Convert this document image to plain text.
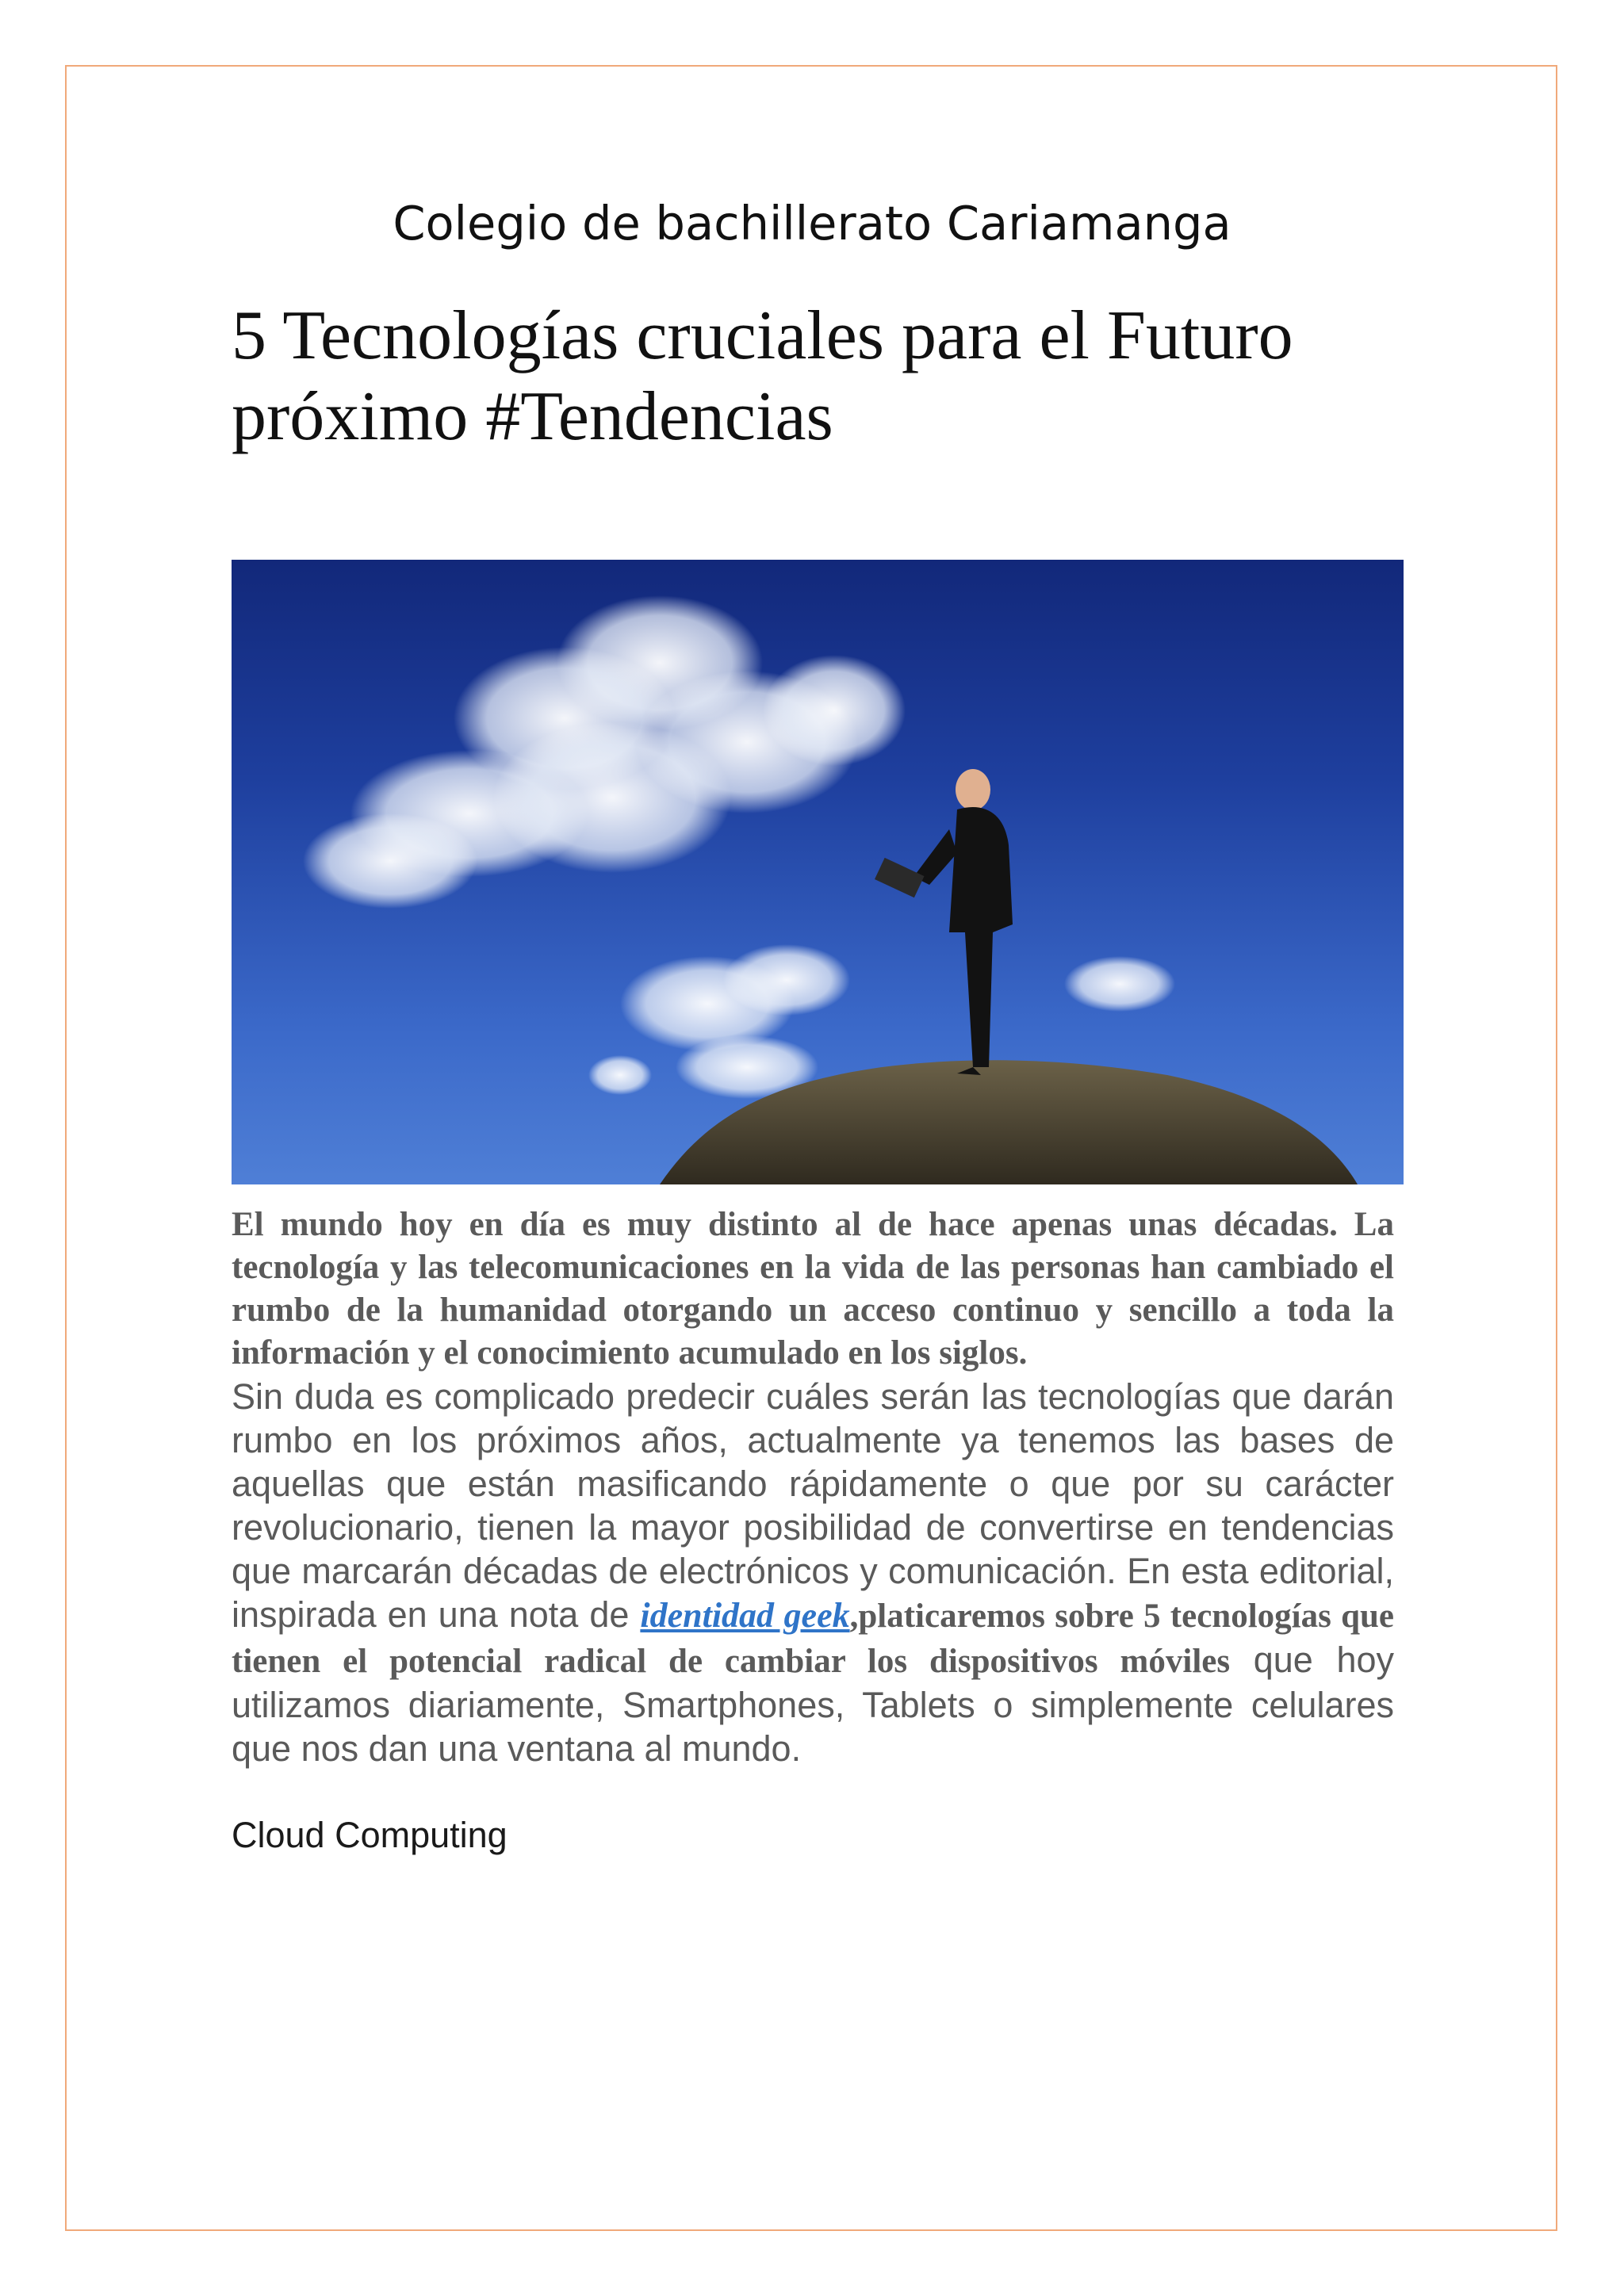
Colegio de bachillerato Cariamanga
5 Tecnologías cruciales para el Futuro
próximo #Tendencias

El mundo hoy en día es muy distinto al de hace apenas unas décadas. La tecnología y las telecomunicaciones en la vida de las personas han cambiado el rumbo de la humanidad otorgando un acceso continuo y sencillo a toda la información y el conocimiento acumulado en los siglos.

Sin duda es complicado predecir cuáles serán las tecnologías que darán rumbo en los próximos años, actualmente ya tenemos las bases de aquellas que están masificando rápidamente o que por su carácter revolucionario, tienen la mayor posibilidad de convertirse en tendencias que marcarán décadas de electrónicos y comunicación. En esta editorial, inspirada en una nota de identidad geek,platicaremos sobre 5 tecnologías que tienen el potencial radical de cambiar los dispositivos móviles que hoy utilizamos diariamente, Smartphones, Tablets o simplemente celulares que nos dan una ventana al mundo.

Cloud Computing
